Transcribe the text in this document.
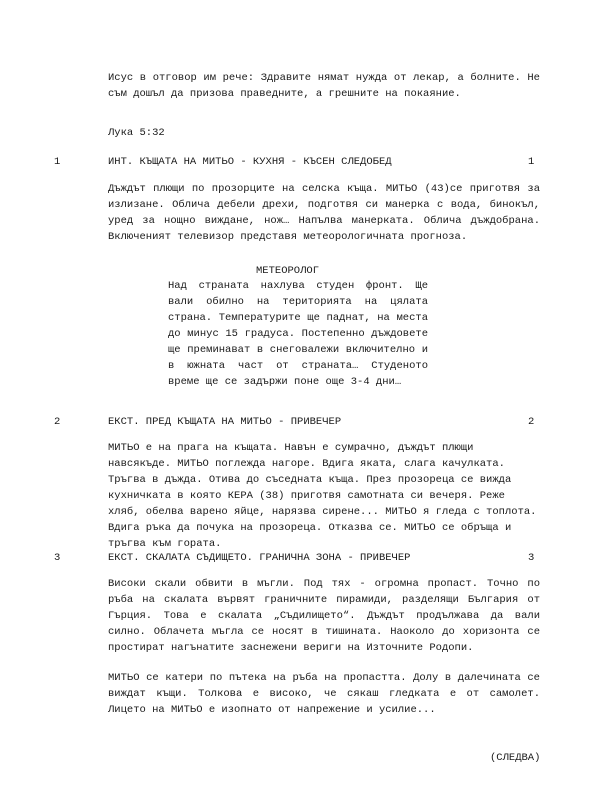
Исус в отговор им рече: Здравите нямат нужда от лекар, а болните. Не съм дошъл да призова праведните, а грешните на покаяние.

Лука 5:32

1	ИНТ. КЪЩАТА НА МИТЬО - КУХНЯ - КЪСЕН СЛЕДОБЕД	1

Дъждът плющи по прозорците на селска къща. МИТЬО (43)се приготвя за излизане. Облича дебели дрехи, подготвя си манерка с вода, бинокъл, уред за нощно виждане, нож… Напълва манерката. Облича дъждобрана. Включеният телевизор представя метеорологичната прогноза.

МЕТЕОРОЛОГ

Над страната нахлува студен фронт. Ще вали обилно на територията на цялата страна. Температурите ще паднат, на места до минус 15 градуса. Постепенно дъждовете ще преминават в снеговалежи включително и в южната част от страната… Студеното време ще се задържи поне още 3-4 дни…

2	ЕКСТ. ПРЕД КЪЩАТА НА МИТЬО - ПРИВЕЧЕР	2

МИТЬО е на прага на къщата. Навън е сумрачно, дъждът плющи навсякъде. МИТЬО поглежда нагоре. Вдига яката, слага качулката. Тръгва в дъжда. Отива до съседната къща. През прозореца се вижда кухничката в която КЕРА (38) приготвя самотната си вечеря. Реже хляб, обелва варено яйце, нарязва сирене... МИТЬО я гледа с топлота. Вдига ръка да почука на прозореца. Отказва се. МИТЬО се обръща и тръгва към гората.

3	ЕКСТ. СКАЛАТА СЪДИЩЕТО. ГРАНИЧНА ЗОНА - ПРИВЕЧЕР	3

Високи скали обвити в мъгли. Под тях - огромна пропаст. Точно по ръба на скалата вървят граничните пирамиди, разделящи България от Гърция. Това е скалата „Съдилището“. Дъждът продължава да вали силно. Облачета мъгла се носят в тишината. Наоколо до хоризонта се простират нагънатите заснежени вериги на Източните Родопи.

МИТЬО се катери по пътека на ръба на пропастта. Долу в далечината се виждат къщи. Толкова е високо, че сякаш гледката е от самолет. Лицето на МИТЬО е изопнато от напрежение и усилие...

(СЛЕДВА)
